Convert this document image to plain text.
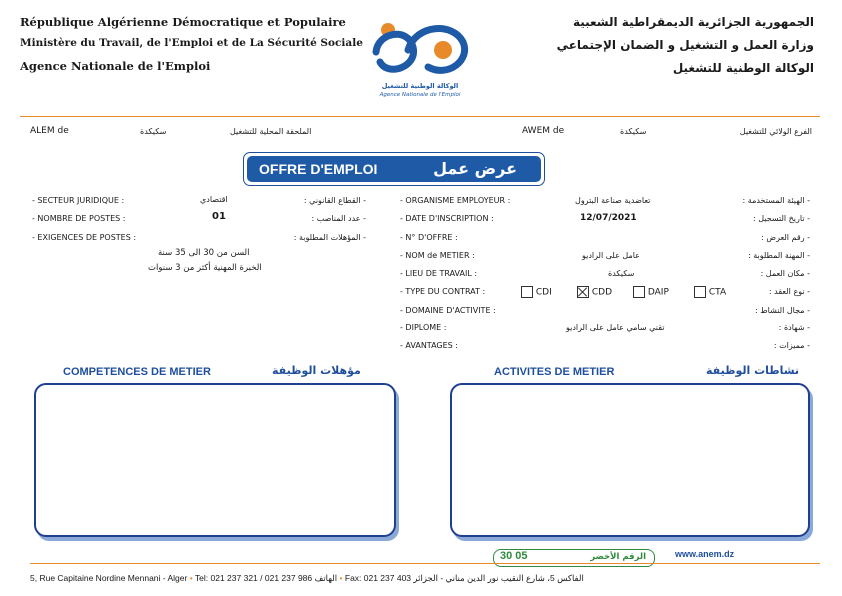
République Algérienne Démocratique et Populaire
Ministère du Travail, de l'Emploi et de La Sécurité Sociale
Agence Nationale de l'Emploi
الجمهورية الجزائرية الديمقراطية الشعبية
وزارة العمل و التشغيل و الضمان الإجتماعي
الوكالة الوطنية للتشغيل
الوكالة الوطنية للتشغيل
Agence Nationale de l'Emploi
ALEM de	سكيكدة	الملحقة المحلية للتشغيل	AWEM de	سكيكدة	الفرع الولائي للتشغيل
OFFRE D'EMPLOI	عرض عمل
- SECTEUR JURIDIQUE :	اقتصادي	- القطاع القانوني :
- NOMBRE DE POSTES :	01	- عدد المناصب :
- EXIGENCES DE POSTES :	- المؤهلات المطلوبة :
السن من 30 الى 35 سنة
الخبرة المهنية أكثر من 3 سنوات
- ORGANISME EMPLOYEUR :	تعاضدية صناعة البترول	- الهيئة المستخدمة :
- DATE D'INSCRIPTION :	12/07/2021	- تاريخ التسجيل :
- N° D'OFFRE :	- رقم العرض :
- NOM de METIER :	عامل على الراديو	- المهنة المطلوبة :
- LIEU DE TRAVAIL :	سكيكدة	- مكان العمل :
- TYPE DU CONTRAT :	- نوع العقد :
CDI	CDD	DAIP	CTA
- DOMAINE D'ACTIVITE :	- مجال النشاط :
- DIPLOME :	تقني سامي عامل على الراديو	- شهادة :
- AVANTAGES :	- مميزات :
COMPETENCES DE METIER	مؤهلات الوظيفة	ACTIVITES DE METIER	نشاطات الوظيفة
30 05	الرقم الأخضر	www.anem.dz
5, Rue Capitaine Nordine Mennani - Alger • Tel: 021 237 321 / 021 237 986 الهاتف • Fax: 021 237 403	الفاكس 5، شارع النقيب نور الدين مناني - الجزائر
